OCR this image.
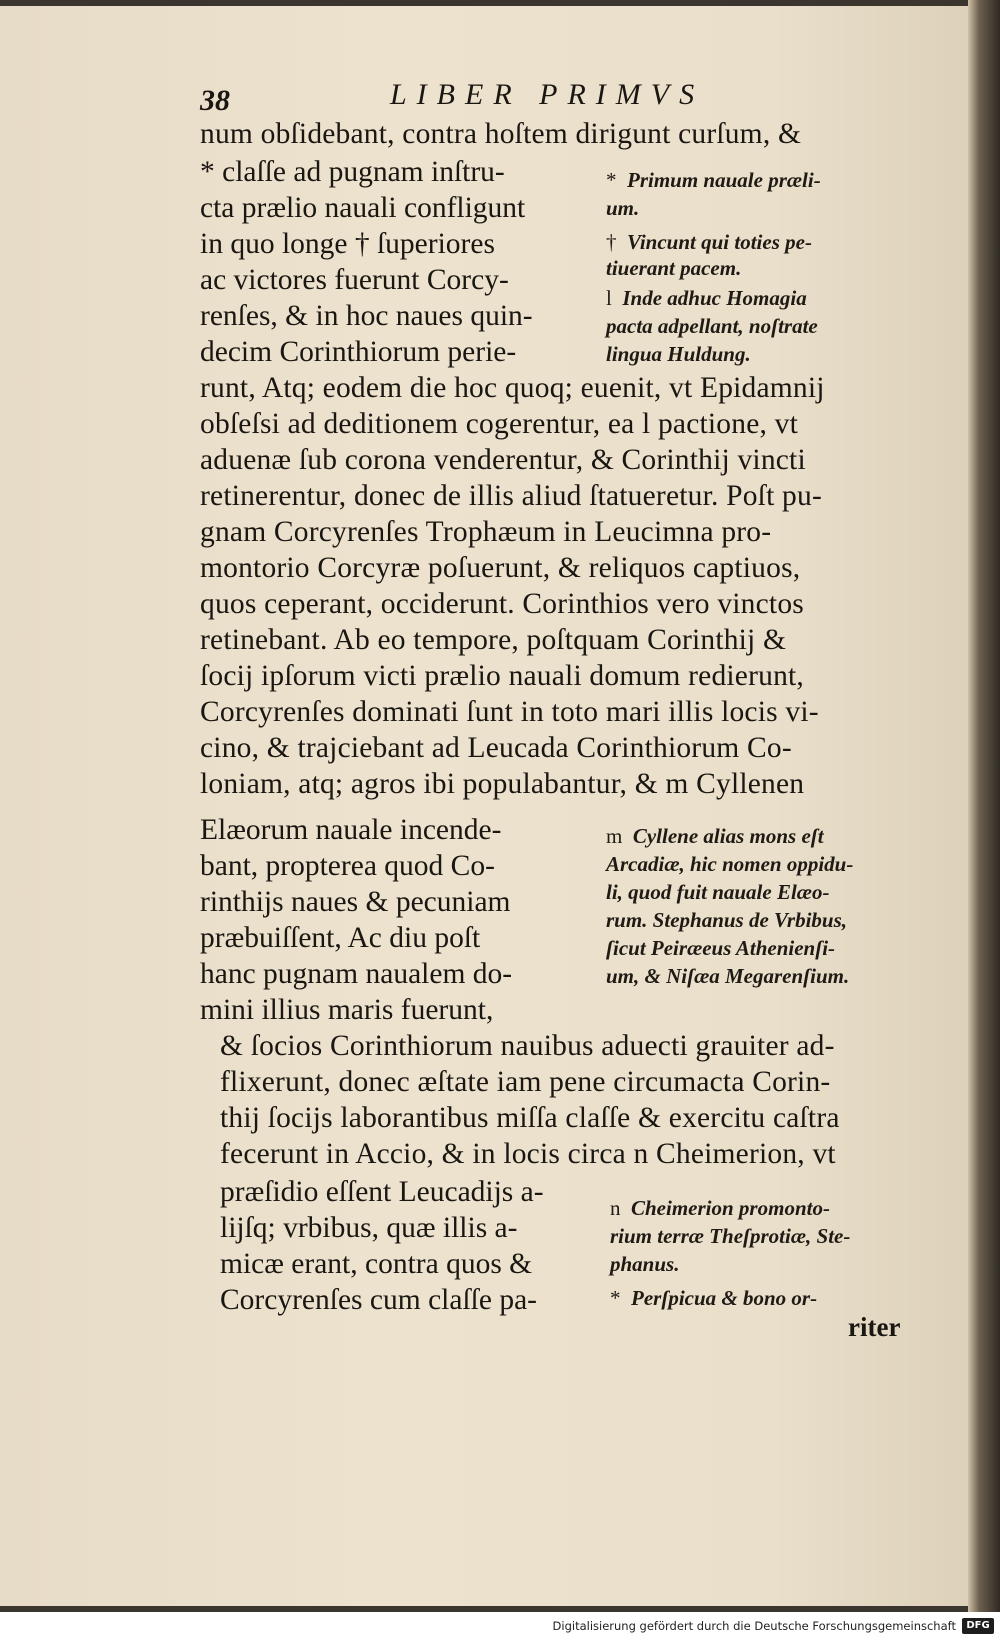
38	LIBER PRIMVS
num obſidebant, contra hoſtem dirigunt curſum, &
* claſſe ad pugnam inſtru-
cta prælio nauali confligunt
in quo longe † ſuperiores
ac victores fuerunt Corcy-
renſes, & in hoc naues quin-
decim Corinthiorum perie-
* Primum nauale præli-
um.
† Vincunt qui toties pe-
tiuerant pacem.
l Inde adhuc Homagia
pacta adpellant, noſtrate
lingua Huldung.
runt, Atq; eodem die hoc quoq; euenit, vt Epidamnij
obſeſsi ad deditionem cogerentur, ea l pactione, vt
aduenæ ſub corona venderentur, & Corinthij vincti
retinerentur, donec de illis aliud ſtatueretur. Poſt pu-
gnam Corcyrenſes Trophæum in Leucimna pro-
montorio Corcyræ poſuerunt, & reliquos captiuos,
quos ceperant, occiderunt. Corinthios vero vinctos
retinebant. Ab eo tempore, poſtquam Corinthij &
ſocij ipſorum victi prælio nauali domum redierunt,
Corcyrenſes dominati ſunt in toto mari illis locis vi-
cino, & trajciebant ad Leucada Corinthiorum Co-
loniam, atq; agros ibi populabantur, & m Cyllenen
Elæorum nauale incende-
bant, propterea quod Co-
rinthijs naues & pecuniam
præbuiſſent, Ac diu poſt
hanc pugnam naualem do-
mini illius maris fuerunt,
m Cyllene alias mons eſt
Arcadiæ, hic nomen oppidu-
li, quod fuit nauale Elæo-
rum. Stephanus de Vrbibus,
ſicut Peiræeus Athenienſi-
um, & Niſæa Megarenſium.
& ſocios Corinthiorum nauibus aduecti grauiter ad-
flixerunt, donec æſtate iam pene circumacta Corin-
thij ſocijs laborantibus miſſa claſſe & exercitu caſtra
fecerunt in Accio, & in locis circa n Cheimerion, vt
præſidio eſſent Leucadijs a-
lijſq; vrbibus, quæ illis a-
micæ erant, contra quos &
Corcyrenſes cum claſſe pa-
n Cheimerion promonto-
rium terræ Theſprotiæ, Ste-
phanus.
* Perſpicua & bono or-
riter
Digitalisierung gefördert durch die Deutsche Forschungsgemeinschaft	DFG
